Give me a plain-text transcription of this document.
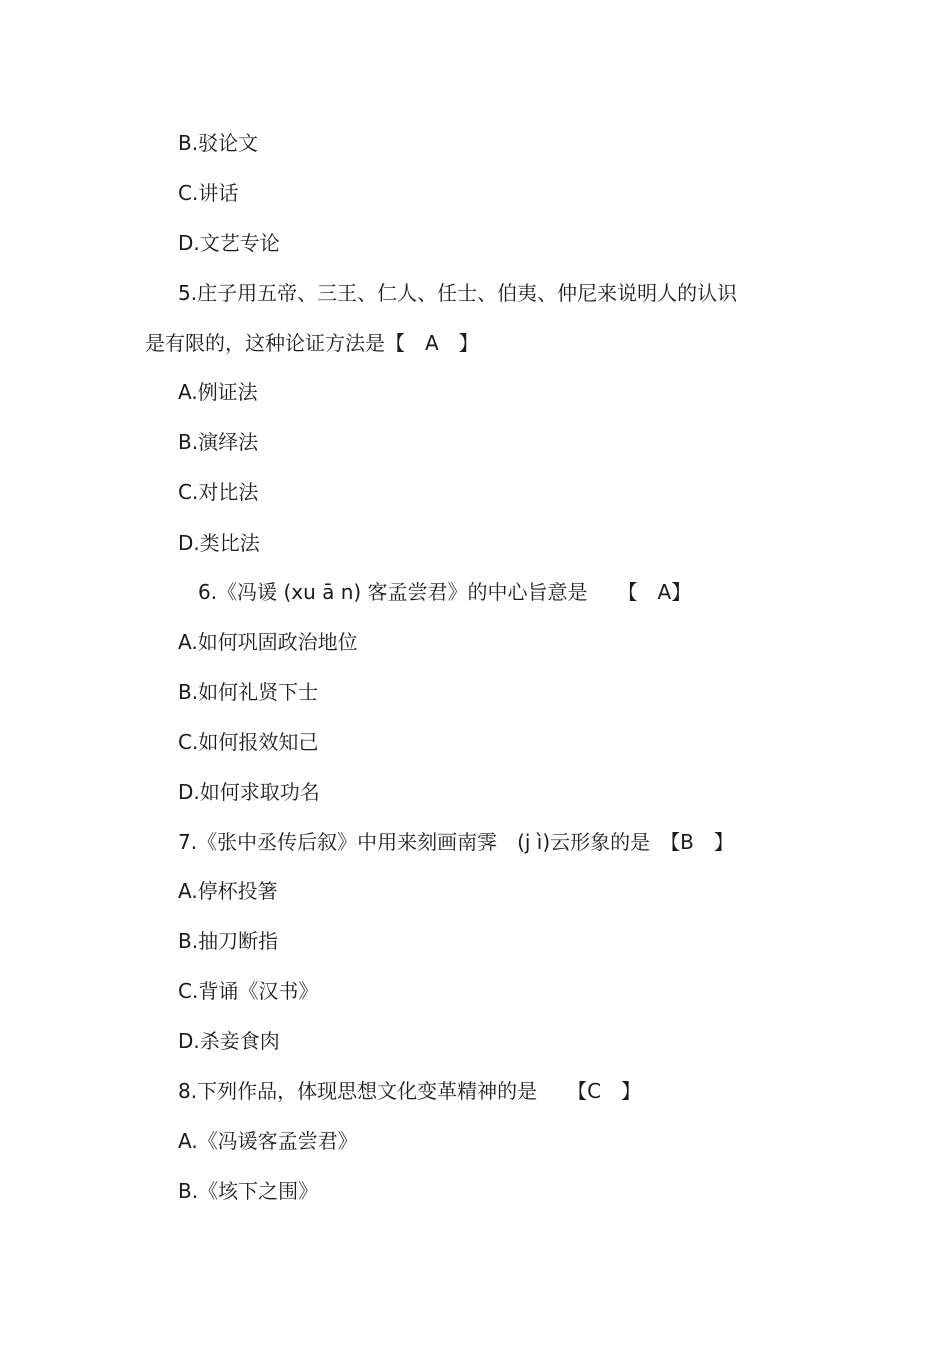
B.驳论文
C.讲话
D.文艺专论
5.庄子用五帝、三王、仁人、任士、伯夷、仲尼来说明人的认识
是有限的，这种论证方法是【　A　】
A.例证法
B.演绎法
C.对比法
D.类比法
6.《冯谖 (xu ā n) 客孟尝君》的中心旨意是　　【　A】
A.如何巩固政治地位
B.如何礼贤下士
C.如何报效知己
D.如何求取功名
7.《张中丞传后叙》中用来刻画南霁　(j ì)云形象的是　【B　】
A.停杯投箸
B.抽刀断指
C.背诵《汉书》
D.杀妾食肉
8.下列作品，体现思想文化变革精神的是　　【C　】
A.《冯谖客孟尝君》
B.《垓下之围》
